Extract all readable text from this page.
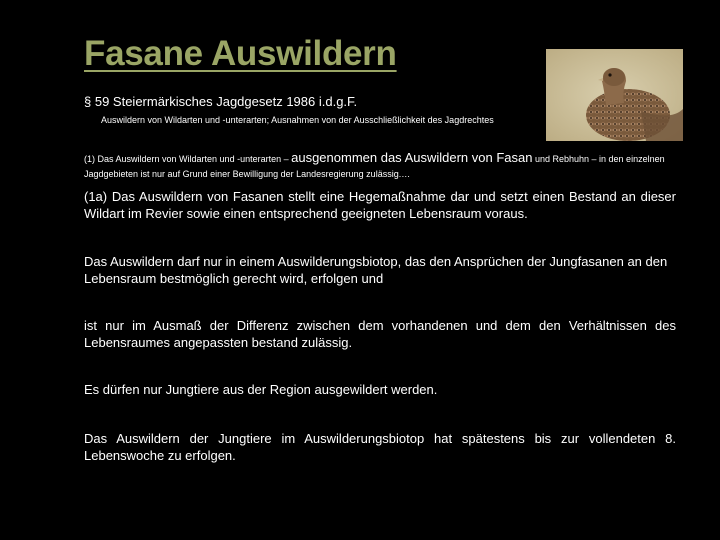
Fasane Auswildern
§ 59 Steiermärkisches Jagdgesetz 1986 i.d.g.F.
Auswildern von Wildarten und -unterarten; Ausnahmen von der Ausschließlichkeit des Jagdrechtes
(1) Das Auswildern von Wildarten und -unterarten – ausgenommen das Auswildern von Fasan und Rebhuhn – in den einzelnen Jagdgebieten ist nur auf Grund einer Bewilligung der Landesregierung zulässig.…
(1a) Das Auswildern von Fasanen stellt eine Hegemaßnahme dar und setzt einen Bestand an dieser Wildart im Revier sowie einen entsprechend geeigneten Lebensraum voraus.
Das Auswildern darf nur in einem Auswilderungsbiotop, das den Ansprüchen der Jungfasanen an den Lebensraum bestmöglich gerecht wird, erfolgen und
ist nur im Ausmaß der Differenz zwischen dem vorhandenen und dem den Verhältnissen des Lebensraumes angepassten bestand zulässig.
Es dürfen nur Jungtiere aus der Region ausgewildert werden.
Das Auswildern der Jungtiere im Auswilderungsbiotop hat spätestens bis zur vollendeten 8. Lebenswoche zu erfolgen.
